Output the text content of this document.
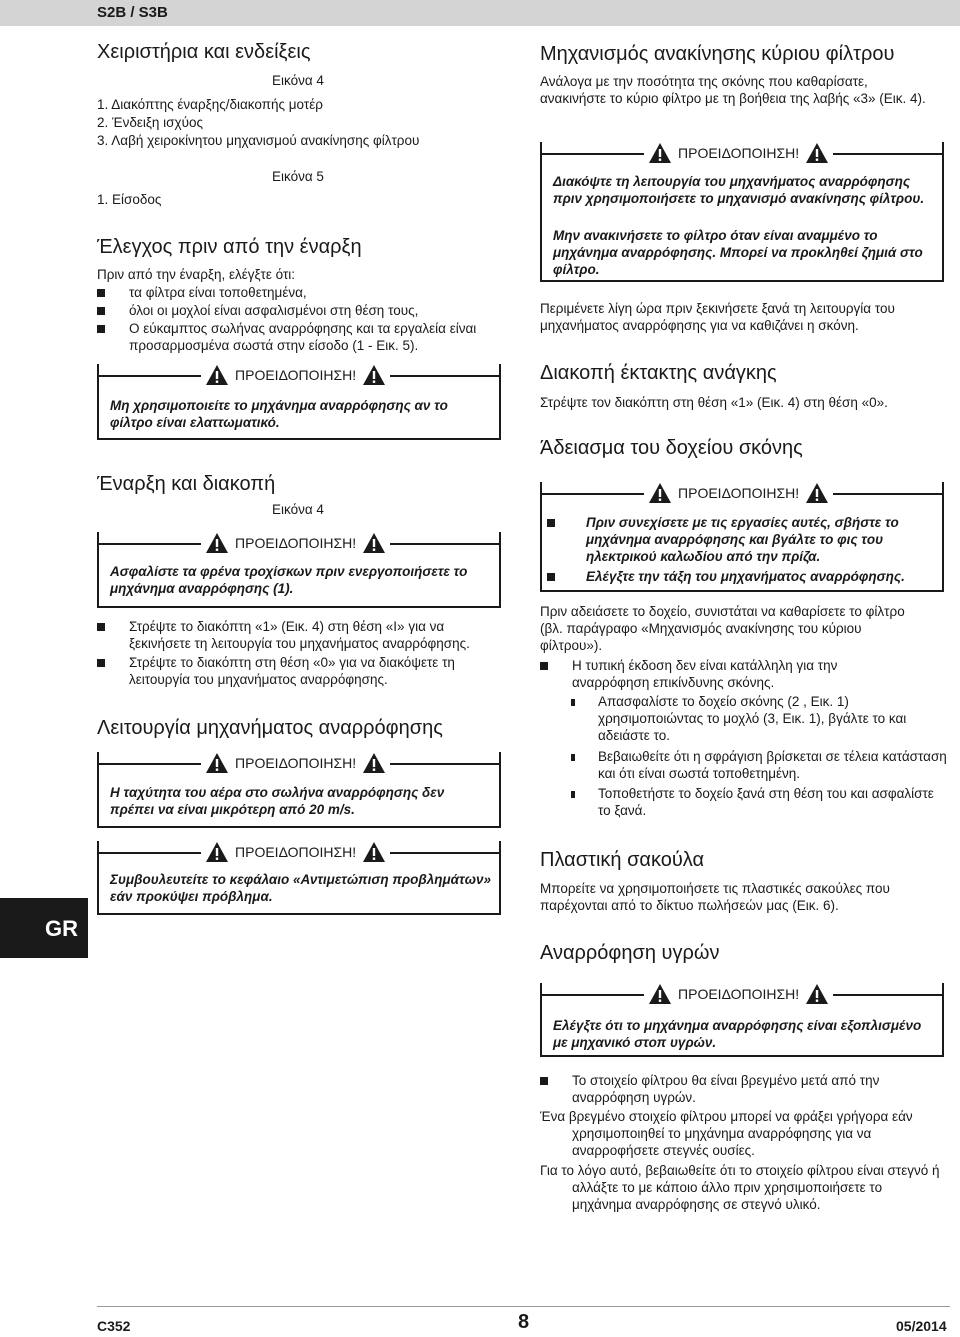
S2B / S3B
GR
Χειριστήρια και ενδείξεις
Εικόνα 4
1. Διακόπτης έναρξης/διακοπής μοτέρ
2. Ένδειξη ισχύος
3. Λαβή χειροκίνητου μηχανισμού ανακίνησης φίλτρου
Εικόνα 5
1. Είσοδος
Έλεγχος πριν από την έναρξη
Πριν από την έναρξη, ελέγξτε ότι:
τα φίλτρα είναι τοποθετημένα,
όλοι οι μοχλοί είναι ασφαλισμένοι στη θέση τους,
Ο εύκαμπτος σωλήνας αναρρόφησης και τα εργαλεία είναι προσαρμοσμένα σωστά στην είσοδο (1 - Εικ. 5).
ΠΡΟΕΙΔΟΠΟΙΗΣΗ!
Μη χρησιμοποιείτε το μηχάνημα αναρρόφησης αν το φίλτρο είναι ελαττωματικό.
Έναρξη και διακοπή
Εικόνα 4
ΠΡΟΕΙΔΟΠΟΙΗΣΗ!
Ασφαλίστε τα φρένα τροχίσκων πριν ενεργοποιήσετε το μηχάνημα αναρρόφησης (1).
Στρέψτε το διακόπτη «1» (Εικ. 4) στη θέση «I» για να ξεκινήσετε τη λειτουργία του μηχανήματος αναρρόφησης.
Στρέψτε το διακόπτη στη θέση «0» για να διακόψετε τη λειτουργία του μηχανήματος αναρρόφησης.
Λειτουργία μηχανήματος αναρρόφησης
ΠΡΟΕΙΔΟΠΟΙΗΣΗ!
Η ταχύτητα του αέρα στο σωλήνα αναρρόφησης δεν πρέπει να είναι μικρότερη από 20 m/s.
ΠΡΟΕΙΔΟΠΟΙΗΣΗ!
Συμβουλευτείτε το κεφάλαιο «Αντιμετώπιση προβλημάτων» εάν προκύψει πρόβλημα.
Μηχανισμός ανακίνησης κύριου φίλτρου
Ανάλογα με την ποσότητα της σκόνης που καθαρίσατε, ανακινήστε το κύριο φίλτρο με τη βοήθεια της λαβής «3» (Εικ. 4).
ΠΡΟΕΙΔΟΠΟΙΗΣΗ!
Διακόψτε τη λειτουργία του μηχανήματος αναρρόφησης πριν χρησιμοποιήσετε το μηχανισμό ανακίνησης φίλτρου.
Μην ανακινήσετε το φίλτρο όταν είναι αναμμένο το μηχάνημα αναρρόφησης. Μπορεί να προκληθεί ζημιά στο φίλτρο.
Περιμένετε λίγη ώρα πριν ξεκινήσετε ξανά τη λειτουργία του μηχανήματος αναρρόφησης για να καθιζάνει η σκόνη.
Διακοπή έκτακτης ανάγκης
Στρέψτε τον διακόπτη στη θέση «1» (Εικ. 4) στη θέση «0».
Άδειασμα του δοχείου σκόνης
ΠΡΟΕΙΔΟΠΟΙΗΣΗ!
Πριν συνεχίσετε με τις εργασίες αυτές, σβήστε το μηχάνημα αναρρόφησης και βγάλτε το φις του ηλεκτρικού καλωδίου από την πρίζα.
Ελέγξτε την τάξη του μηχανήματος αναρρόφησης.
Πριν αδειάσετε το δοχείο, συνιστάται να καθαρίσετε το φίλτρο (βλ. παράγραφο «Μηχανισμός ανακίνησης του κύριου φίλτρου»).
Η τυπική έκδοση δεν είναι κατάλληλη για την αναρρόφηση επικίνδυνης σκόνης.
Απασφαλίστε το δοχείο σκόνης (2 , Εικ. 1) χρησιμοποιώντας το μοχλό (3, Εικ. 1), βγάλτε το και αδειάστε το.
Βεβαιωθείτε ότι η σφράγιση βρίσκεται σε τέλεια κατάσταση και ότι είναι σωστά τοποθετημένη.
Τοποθετήστε το δοχείο ξανά στη θέση του και ασφαλίστε το ξανά.
Πλαστική σακούλα
Μπορείτε να χρησιμοποιήσετε τις πλαστικές σακούλες που παρέχονται από το δίκτυο πωλήσεών μας (Εικ. 6).
Αναρρόφηση υγρών
ΠΡΟΕΙΔΟΠΟΙΗΣΗ!
Ελέγξτε ότι το μηχάνημα αναρρόφησης είναι εξοπλισμένο με μηχανικό στοπ υγρών.
Το στοιχείο φίλτρου θα είναι βρεγμένο μετά από την αναρρόφηση υγρών.
Ένα βρεγμένο στοιχείο φίλτρου μπορεί να φράξει γρήγορα εάν χρησιμοποιηθεί το μηχάνημα αναρρόφησης για να αναρροφήσετε στεγνές ουσίες.
Για το λόγο αυτό, βεβαιωθείτε ότι το στοιχείο φίλτρου είναι στεγνό ή αλλάξτε το με κάποιο άλλο πριν χρησιμοποιήσετε το μηχάνημα αναρρόφησης σε στεγνό υλικό.
C352	8	05/2014
